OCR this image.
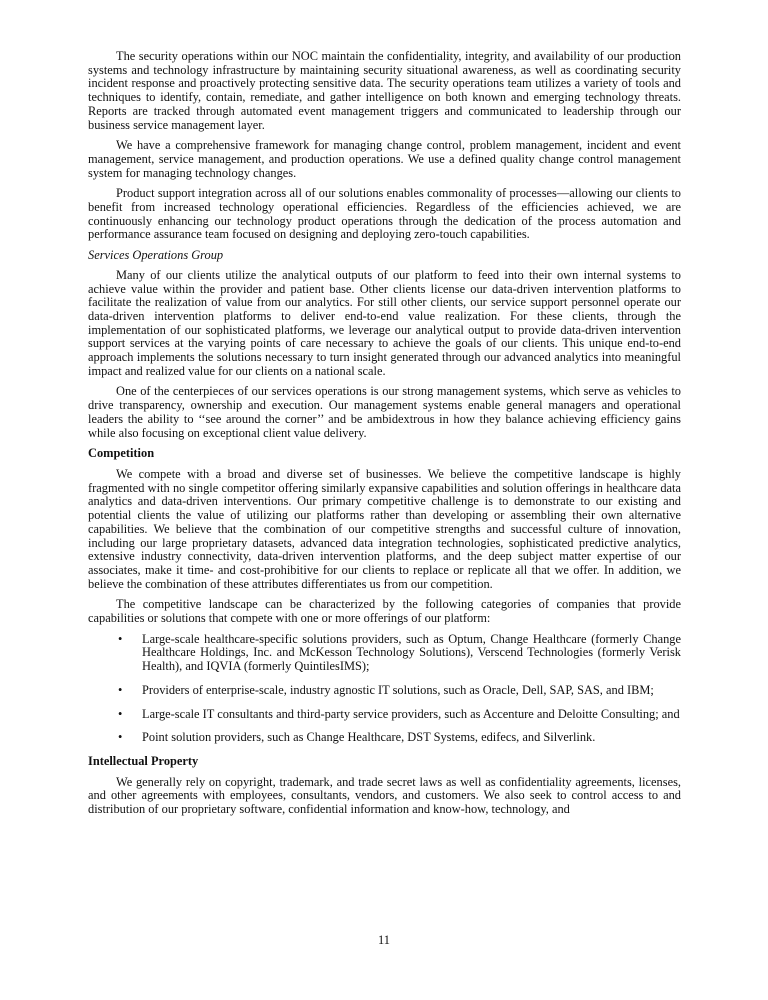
The security operations within our NOC maintain the confidentiality, integrity, and availability of our production systems and technology infrastructure by maintaining security situational awareness, as well as coordinating security incident response and proactively protecting sensitive data. The security operations team utilizes a variety of tools and techniques to identify, contain, remediate, and gather intelligence on both known and emerging technology threats. Reports are tracked through automated event management triggers and communicated to leadership through our business service management layer.

We have a comprehensive framework for managing change control, problem management, incident and event management, service management, and production operations. We use a defined quality change control management system for managing technology changes.

Product support integration across all of our solutions enables commonality of processes—allowing our clients to benefit from increased technology operational efficiencies. Regardless of the efficiencies achieved, we are continuously enhancing our technology product operations through the dedication of the process automation and performance assurance team focused on designing and deploying zero-touch capabilities.

Services Operations Group

Many of our clients utilize the analytical outputs of our platform to feed into their own internal systems to achieve value within the provider and patient base. Other clients license our data-driven intervention platforms to facilitate the realization of value from our analytics. For still other clients, our service support personnel operate our data-driven intervention platforms to deliver end-to-end value realization. For these clients, through the implementation of our sophisticated platforms, we leverage our analytical output to provide data-driven intervention support services at the varying points of care necessary to achieve the goals of our clients. This unique end-to-end approach implements the solutions necessary to turn insight generated through our advanced analytics into meaningful impact and realized value for our clients on a national scale.

One of the centerpieces of our services operations is our strong management systems, which serve as vehicles to drive transparency, ownership and execution. Our management systems enable general managers and operational leaders the ability to ‘‘see around the corner’’ and be ambidextrous in how they balance achieving efficiency gains while also focusing on exceptional client value delivery.

Competition

We compete with a broad and diverse set of businesses. We believe the competitive landscape is highly fragmented with no single competitor offering similarly expansive capabilities and solution offerings in healthcare data analytics and data-driven interventions. Our primary competitive challenge is to demonstrate to our existing and potential clients the value of utilizing our platforms rather than developing or assembling their own alternative capabilities. We believe that the combination of our competitive strengths and successful culture of innovation, including our large proprietary datasets, advanced data integration technologies, sophisticated predictive analytics, extensive industry connectivity, data-driven intervention platforms, and the deep subject matter expertise of our associates, make it time- and cost-prohibitive for our clients to replace or replicate all that we offer. In addition, we believe the combination of these attributes differentiates us from our competition.

The competitive landscape can be characterized by the following categories of companies that provide capabilities or solutions that compete with one or more offerings of our platform:

•	Large-scale healthcare-specific solutions providers, such as Optum, Change Healthcare (formerly Change Healthcare Holdings, Inc. and McKesson Technology Solutions), Verscend Technologies (formerly Verisk Health), and IQVIA (formerly QuintilesIMS);
•	Providers of enterprise-scale, industry agnostic IT solutions, such as Oracle, Dell, SAP, SAS, and IBM;
•	Large-scale IT consultants and third-party service providers, such as Accenture and Deloitte Consulting; and
•	Point solution providers, such as Change Healthcare, DST Systems, edifecs, and Silverlink.
Intellectual Property

We generally rely on copyright, trademark, and trade secret laws as well as confidentiality agreements, licenses, and other agreements with employees, consultants, vendors, and customers. We also seek to control access to and distribution of our proprietary software, confidential information and know-how, technology, and

11
